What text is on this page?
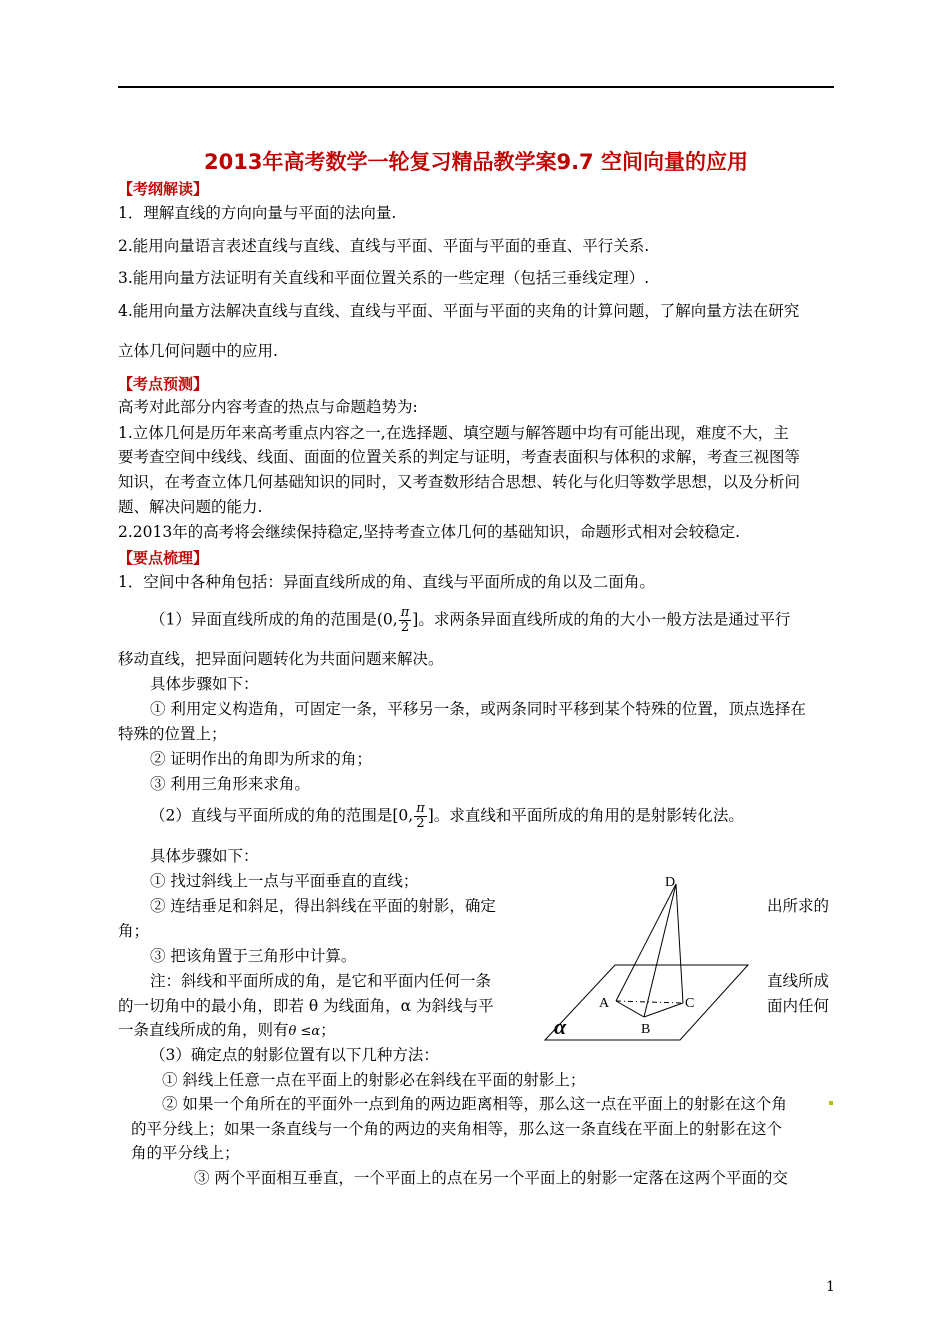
2013年高考数学一轮复习精品教学案9.7 空间向量的应用
【考纲解读】
1．理解直线的方向向量与平面的法向量.
2.能用向量语言表述直线与直线、直线与平面、平面与平面的垂直、平行关系.
3.能用向量方法证明有关直线和平面位置关系的一些定理（包括三垂线定理）.
4.能用向量方法解决直线与直线、直线与平面、平面与平面的夹角的计算问题，了解向量方法在研究
立体几何问题中的应用.
【考点预测】
高考对此部分内容考查的热点与命题趋势为:
1.立体几何是历年来高考重点内容之一,在选择题、填空题与解答题中均有可能出现，难度不大，主
要考查空间中线线、线面、面面的位置关系的判定与证明，考查表面积与体积的求解，考查三视图等
知识，在考查立体几何基础知识的同时，又考查数形结合思想、转化与化归等数学思想，以及分析问
题、解决问题的能力.
2.2013年的高考将会继续保持稳定,坚持考查立体几何的基础知识，命题形式相对会较稳定.
【要点梳理】
1．空间中各种角包括：异面直线所成的角、直线与平面所成的角以及二面角。
（1）异面直线所成的角的范围是(0, $\frac{\pi}{2}$ ]。求两条异面直线所成的角的大小一般方法是通过平行
移动直线，把异面问题转化为共面问题来解决。
具体步骤如下：
① 利用定义构造角，可固定一条，平移另一条，或两条同时平移到某个特殊的位置，顶点选择在
特殊的位置上；
② 证明作出的角即为所求的角；
③ 利用三角形来求角。
（2）直线与平面所成的角的范围是[0, $\frac{\pi}{2}$ ]。求直线和平面所成的角用的是射影转化法。
具体步骤如下：
① 找过斜线上一点与平面垂直的直线；
② 连结垂足和斜足，得出斜线在平面的射影，确定	出所求的
角；
③ 把该角置于三角形中计算。
注：斜线和平面所成的角，是它和平面内任何一条	直线所成
的一切角中的最小角，即若 θ 为线面角，α 为斜线与平	面内任何
一条直线所成的角，则有θ ≤α；
D
A
B
C
α
（3）确定点的射影位置有以下几种方法：
① 斜线上任意一点在平面上的射影必在斜线在平面的射影上；
② 如果一个角所在的平面外一点到角的两边距离相等，那么这一点在平面上的射影在这个角
的平分线上；如果一条直线与一个角的两边的夹角相等，那么这一条直线在平面上的射影在这个
角的平分线上；
③ 两个平面相互垂直，一个平面上的点在另一个平面上的射影一定落在这两个平面的交
1
